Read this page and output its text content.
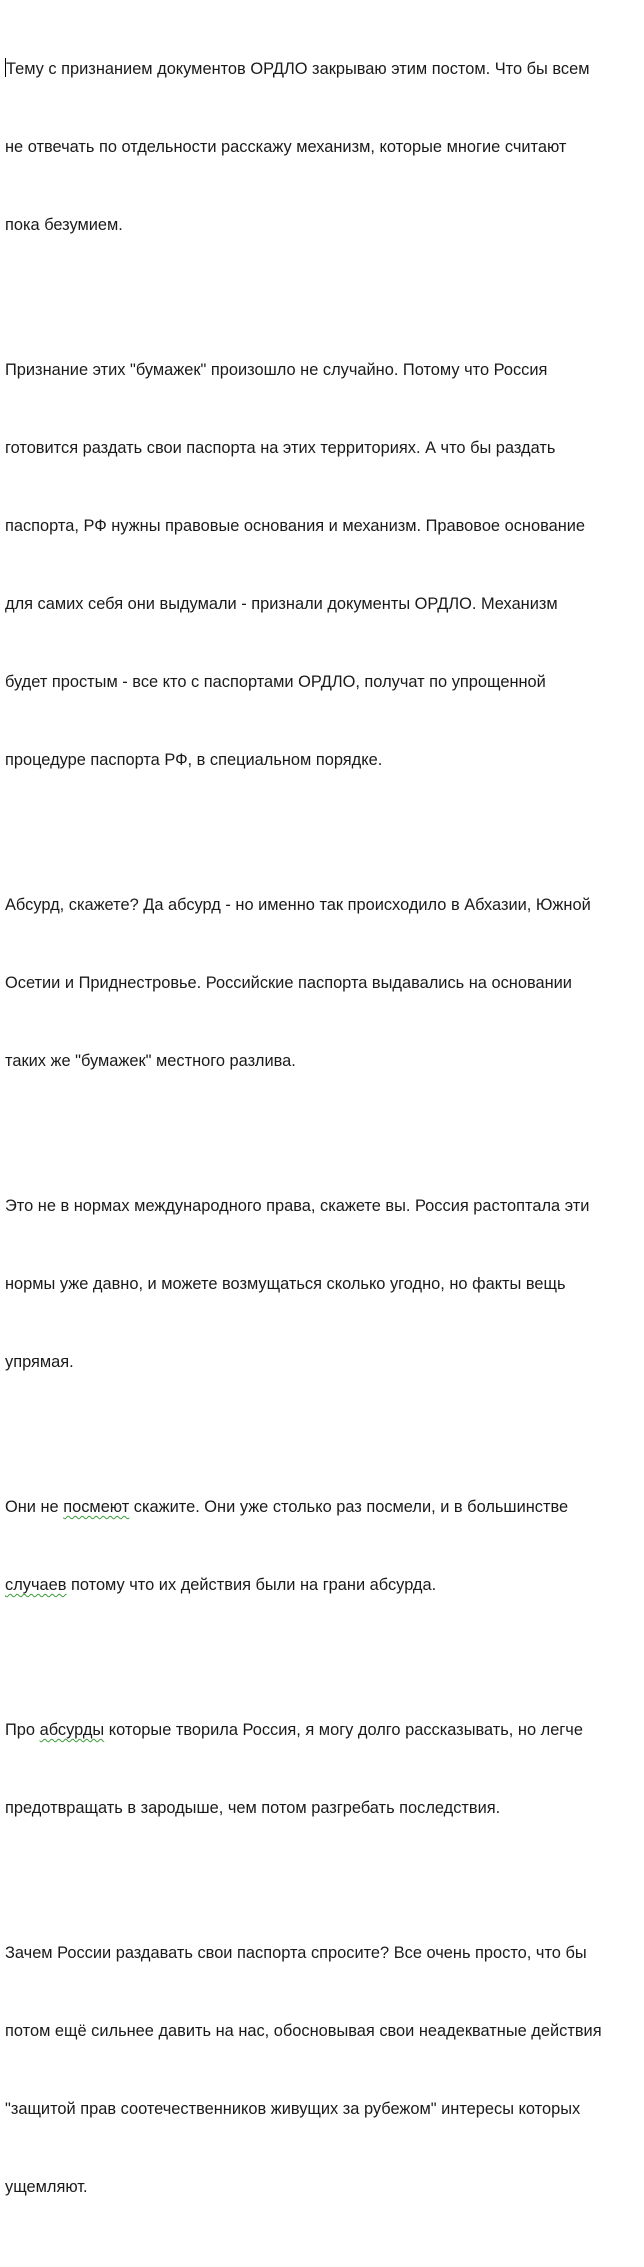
Тему с признанием документов ОРДЛО закрываю этим постом. Что бы всем

не отвечать по отдельности расскажу механизм, которые многие считают

пока безумием.

Признание этих "бумажек" произошло не случайно. Потому что Россия

готовится раздать свои паспорта на этих территориях. А что бы раздать

паспорта, РФ нужны правовые основания и механизм. Правовое основание

для самих себя они выдумали - признали документы ОРДЛО. Механизм

будет простым - все кто с паспортами ОРДЛО, получат по упрощенной

процедуре паспорта РФ, в специальном порядке.

Абсурд, скажете? Да абсурд - но именно так происходило в Абхазии, Южной

Осетии и Приднестровье. Российские паспорта выдавались на основании

таких же "бумажек" местного разлива.

Это не в нормах международного права, скажете вы. Россия растоптала эти

нормы уже давно, и можете возмущаться сколько угодно, но факты вещь

упрямая.

Они не посмеют скажите. Они уже столько раз посмели, и в большинстве

случаев потому что их действия были на грани абсурда.

Про абсурды которые творила Россия, я могу долго рассказывать, но легче

предотвращать в зародыше, чем потом разгребать последствия.

Зачем России раздавать свои паспорта спросите? Все очень просто, что бы

потом ещё сильнее давить на нас, обосновывая свои неадекватные действия

"защитой прав соотечественников живущих за рубежом" интересы которых

ущемляют.
